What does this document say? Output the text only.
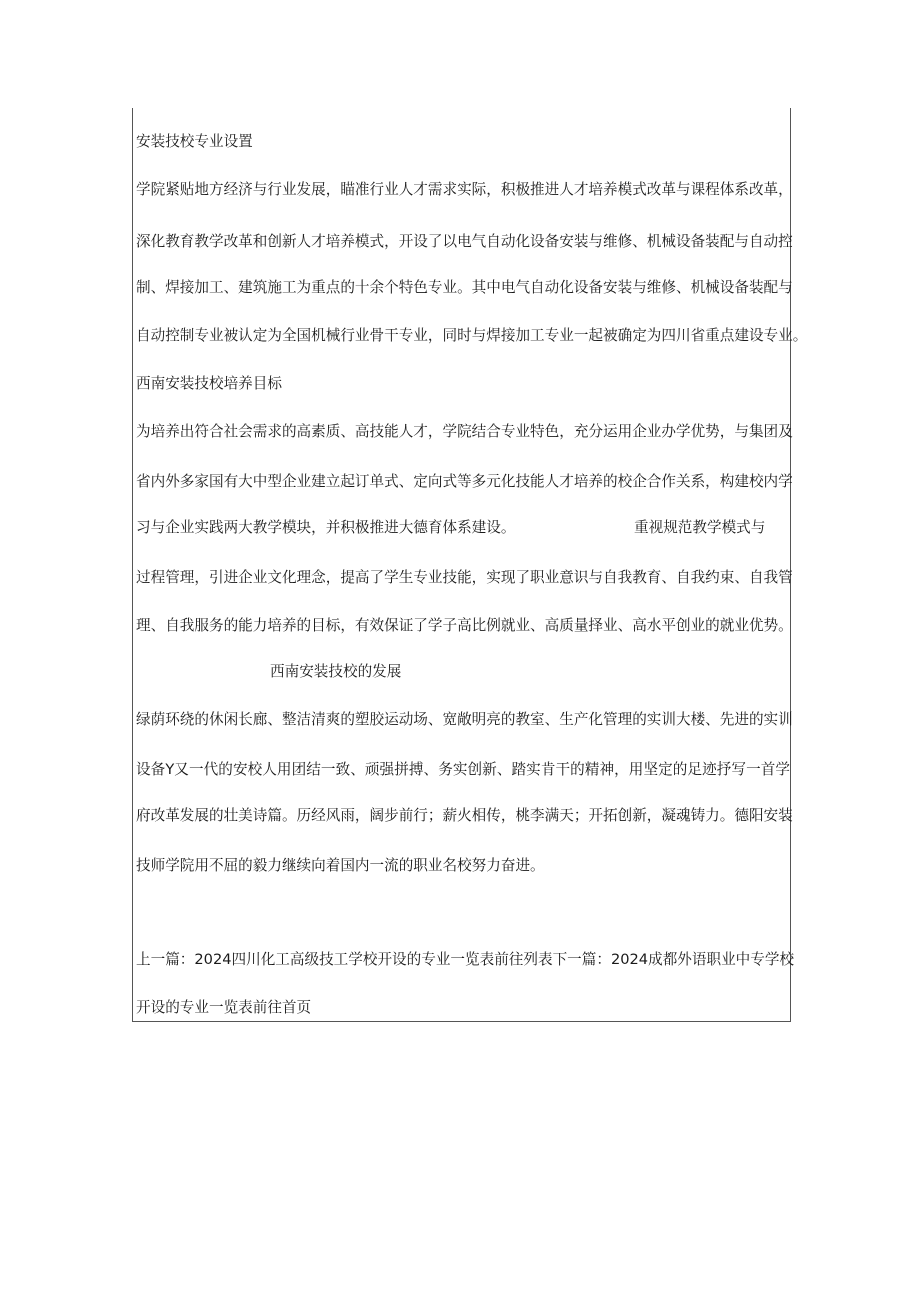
安装技校专业设置
学院紧贴地方经济与行业发展，瞄准行业人才需求实际，积极推进人才培养模式改革与课程体系改革，
深化教育教学改革和创新人才培养模式，开设了以电气自动化设备安装与维修、机械设备装配与自动控
制、焊接加工、建筑施工为重点的十余个特色专业。其中电气自动化设备安装与维修、机械设备装配与
自动控制专业被认定为全国机械行业骨干专业，同时与焊接加工专业一起被确定为四川省重点建设专业。
西南安装技校培养目标
为培养出符合社会需求的高素质、高技能人才，学院结合专业特色，充分运用企业办学优势，与集团及
省内外多家国有大中型企业建立起订单式、定向式等多元化技能人才培养的校企合作关系，构建校内学
习与企业实践两大教学模块，并积极推进大德育体系建设。	重视规范教学模式与
过程管理，引进企业文化理念，提高了学生专业技能，实现了职业意识与自我教育、自我约束、自我管
理、自我服务的能力培养的目标，有效保证了学子高比例就业、高质量择业、高水平创业的就业优势。
西南安装技校的发展
绿荫环绕的休闲长廊、整洁清爽的塑胶运动场、宽敞明亮的教室、生产化管理的实训大楼、先进的实训
设备Y又一代的安校人用团结一致、顽强拼搏、务实创新、踏实肯干的精神，用坚定的足迹抒写一首学
府改革发展的壮美诗篇。历经风雨，阔步前行；薪火相传，桃李满天；开拓创新，凝魂铸力。德阳安装
技师学院用不屈的毅力继续向着国内一流的职业名校努力奋进。
上一篇：2024四川化工高级技工学校开设的专业一览表前往列表下一篇：2024成都外语职业中专学校
开设的专业一览表前往首页
